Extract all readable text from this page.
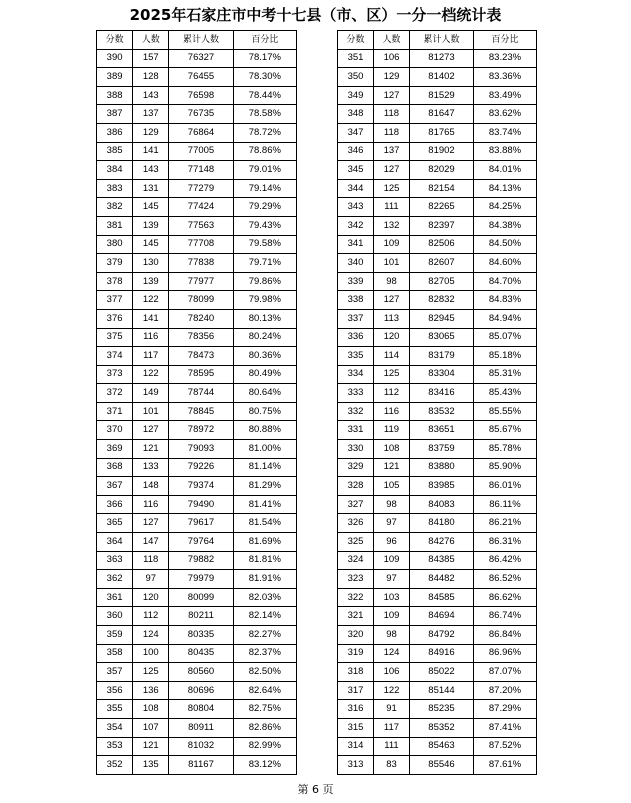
2025年石家庄市中考十七县（市、区）一分一档统计表
分数	人数	累计人数	百分比
390	157	76327	78.17%
389	128	76455	78.30%
388	143	76598	78.44%
387	137	76735	78.58%
386	129	76864	78.72%
385	141	77005	78.86%
384	143	77148	79.01%
383	131	77279	79.14%
382	145	77424	79.29%
381	139	77563	79.43%
380	145	77708	79.58%
379	130	77838	79.71%
378	139	77977	79.86%
377	122	78099	79.98%
376	141	78240	80.13%
375	116	78356	80.24%
374	117	78473	80.36%
373	122	78595	80.49%
372	149	78744	80.64%
371	101	78845	80.75%
370	127	78972	80.88%
369	121	79093	81.00%
368	133	79226	81.14%
367	148	79374	81.29%
366	116	79490	81.41%
365	127	79617	81.54%
364	147	79764	81.69%
363	118	79882	81.81%
362	97	79979	81.91%
361	120	80099	82.03%
360	112	80211	82.14%
359	124	80335	82.27%
358	100	80435	82.37%
357	125	80560	82.50%
356	136	80696	82.64%
355	108	80804	82.75%
354	107	80911	82.86%
353	121	81032	82.99%
352	135	81167	83.12%
分数	人数	累计人数	百分比
351	106	81273	83.23%
350	129	81402	83.36%
349	127	81529	83.49%
348	118	81647	83.62%
347	118	81765	83.74%
346	137	81902	83.88%
345	127	82029	84.01%
344	125	82154	84.13%
343	111	82265	84.25%
342	132	82397	84.38%
341	109	82506	84.50%
340	101	82607	84.60%
339	98	82705	84.70%
338	127	82832	84.83%
337	113	82945	84.94%
336	120	83065	85.07%
335	114	83179	85.18%
334	125	83304	85.31%
333	112	83416	85.43%
332	116	83532	85.55%
331	119	83651	85.67%
330	108	83759	85.78%
329	121	83880	85.90%
328	105	83985	86.01%
327	98	84083	86.11%
326	97	84180	86.21%
325	96	84276	86.31%
324	109	84385	86.42%
323	97	84482	86.52%
322	103	84585	86.62%
321	109	84694	86.74%
320	98	84792	86.84%
319	124	84916	86.96%
318	106	85022	87.07%
317	122	85144	87.20%
316	91	85235	87.29%
315	117	85352	87.41%
314	111	85463	87.52%
313	83	85546	87.61%
第 6 页
